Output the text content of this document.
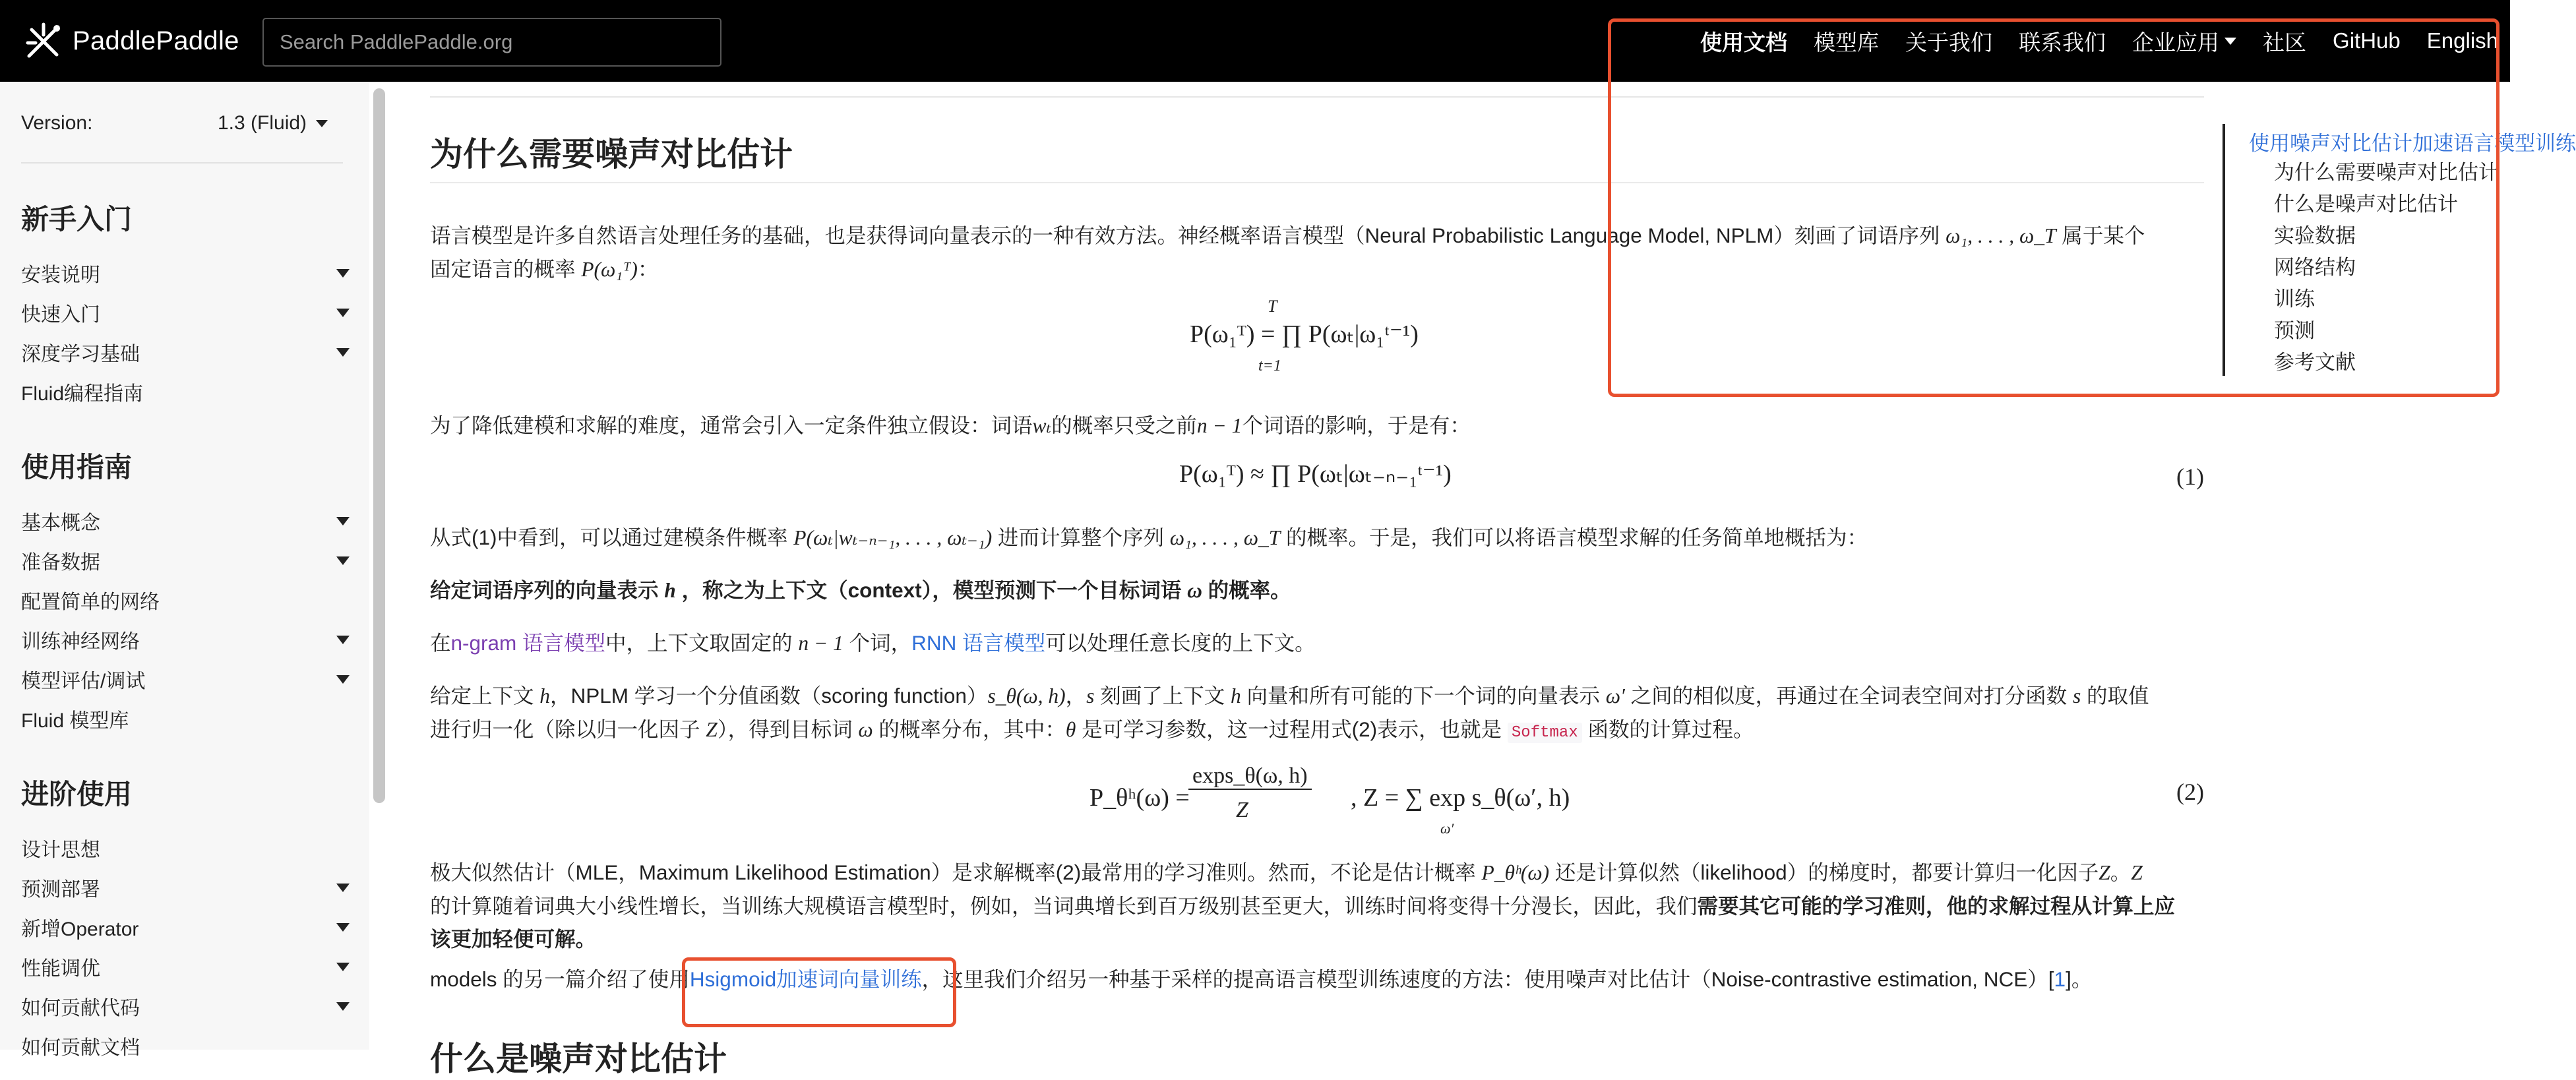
PaddlePaddle
Search PaddlePaddle.org	使用文档 模型库 关于我们 联系我们 企业应用 社区 GitHub English
Version:	1.3 (Fluid)
新手入门
安装说明
快速入门
深度学习基础
Fluid编程指南
使用指南
基本概念
准备数据
配置简单的网络
训练神经网络
模型评估/调试
Fluid 模型库
进阶使用
设计思想
预测部署
新增Operator
性能调优
如何贡献代码
如何贡献文档
为什么需要噪声对比估计

语言模型是许多自然语言处理任务的基础，也是获得词向量表示的一种有效方法。神经概率语言模型（Neural Probabilistic Language Model, NPLM）刻画了词语序列 ω₁, . . . , ω_T 属于某个
固定语言的概率 P(ω₁ᵀ)：

P(ω₁ᵀ) = ∏ P(ωₜ|ω₁ᵗ⁻¹)
T
t=1

为了降低建模和求解的难度，通常会引入一定条件独立假设：词语wₜ的概率只受之前n − 1个词语的影响，于是有：

P(ω₁ᵀ) ≈ ∏ P(ωₜ|ωₜ₋ₙ₋₁ᵗ⁻¹)	(1)

从式(1)中看到，可以通过建模条件概率 P(ωₜ|wₜ₋ₙ₋₁, . . . , ωₜ₋₁) 进而计算整个序列 ω₁, . . . , ω_T 的概率。于是，我们可以将语言模型求解的任务简单地概括为：

给定词语序列的向量表示 h ，称之为上下文（context），模型预测下一个目标词语 ω 的概率。

在n-gram 语言模型中，上下文取固定的 n − 1 个词，RNN 语言模型可以处理任意长度的上下文。

给定上下文 h，NPLM 学习一个分值函数（scoring function）s_θ(ω, h)，s 刻画了上下文 h 向量和所有可能的下一个词的向量表示 ω′ 之间的相似度，再通过在全词表空间对打分函数 s 的取值
进行归一化（除以归一化因子 Z），得到目标词 ω 的概率分布，其中：θ 是可学习参数，这一过程用式(2)表示，也就是 Softmax 函数的计算过程。

P_θʰ(ω) =
exps_θ(ω, h)
Z	, Z = ∑ exp s_θ(ω′, h)
ω′
(2)

极大似然估计（MLE，Maximum Likelihood Estimation）是求解概率(2)最常用的学习准则。然而，不论是估计概率 P_θʰ(ω) 还是计算似然（likelihood）的梯度时，都要计算归一化因子Z。Z
的计算随着词典大小线性增长，当训练大规模语言模型时，例如，当词典增长到百万级别甚至更大，训练时间将变得十分漫长，因此，我们需要其它可能的学习准则，他的求解过程从计算上应
该更加轻便可解。

models 的另一篇介绍了使用Hsigmoid加速词向量训练，这里我们介绍另一种基于采样的提高语言模型训练速度的方法：使用噪声对比估计（Noise-contrastive estimation, NCE）[1]。

什么是噪声对比估计
使用噪声对比估计加速语言模型训练
为什么需要噪声对比估计
什么是噪声对比估计
实验数据
网络结构
训练
预测
参考文献
